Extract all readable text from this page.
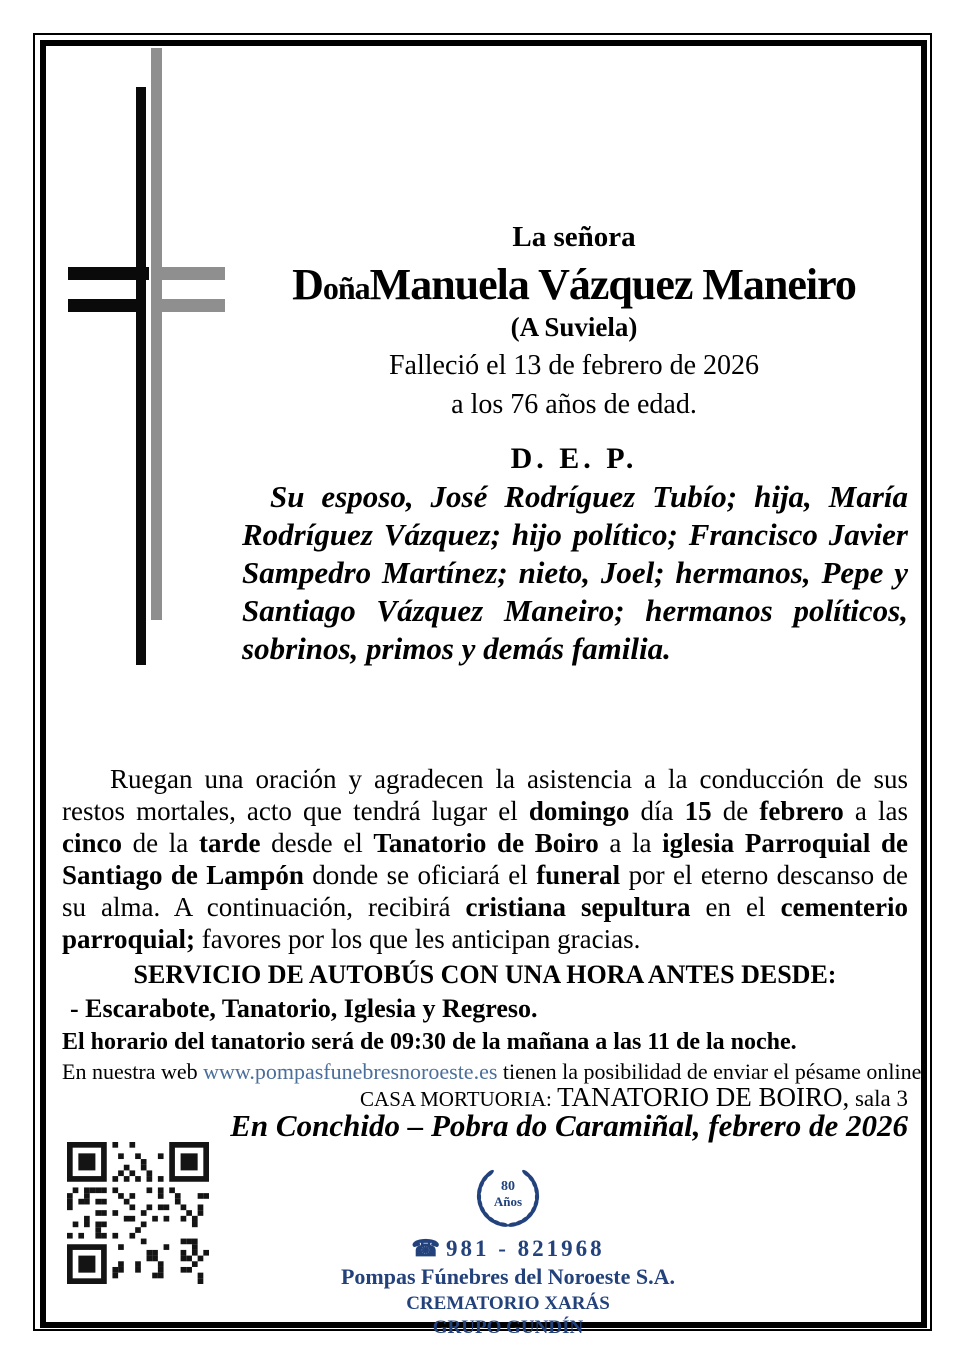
La señora
DoñaManuela Vázquez Maneiro
(A Suviela)
Falleció el 13 de febrero de 2026
a los 76 años de edad.
D. E. P.
Su esposo, José Rodríguez Tubío; hija, María Rodríguez Vázquez; hijo político; Francisco Javier Sampedro Martínez; nieto, Joel; hermanos, Pepe y Santiago Vázquez Maneiro; hermanos políticos, sobrinos, primos y demás familia.
Ruegan una oración y agradecen la asistencia a la conducción de sus restos mortales, acto que tendrá lugar el domingo día 15 de febrero a las cinco de la tarde desde el Tanatorio de Boiro a la iglesia Parroquial de Santiago de Lampón donde se oficiará el funeral por el eterno descanso de su alma. A continuación, recibirá cristiana sepultura en el cementerio parroquial; favores por los que les anticipan gracias.
SERVICIO DE AUTOBÚS CON UNA HORA ANTES DESDE:
- Escarabote, Tanatorio, Iglesia y Regreso.
El horario del tanatorio será de 09:30 de la mañana a las 11 de la noche.
En nuestra web www.pompasfunebresnoroeste.es tienen la posibilidad de enviar el pésame online.
CASA MORTUORIA: TANATORIO DE BOIRO, sala 3
En Conchido – Pobra do Caramiñal, febrero de 2026
80
Años
☎ 981 - 821968
Pompas Fúnebres del Noroeste S.A.
CREMATORIO XARÁS
GRUPO GUNDÍN
